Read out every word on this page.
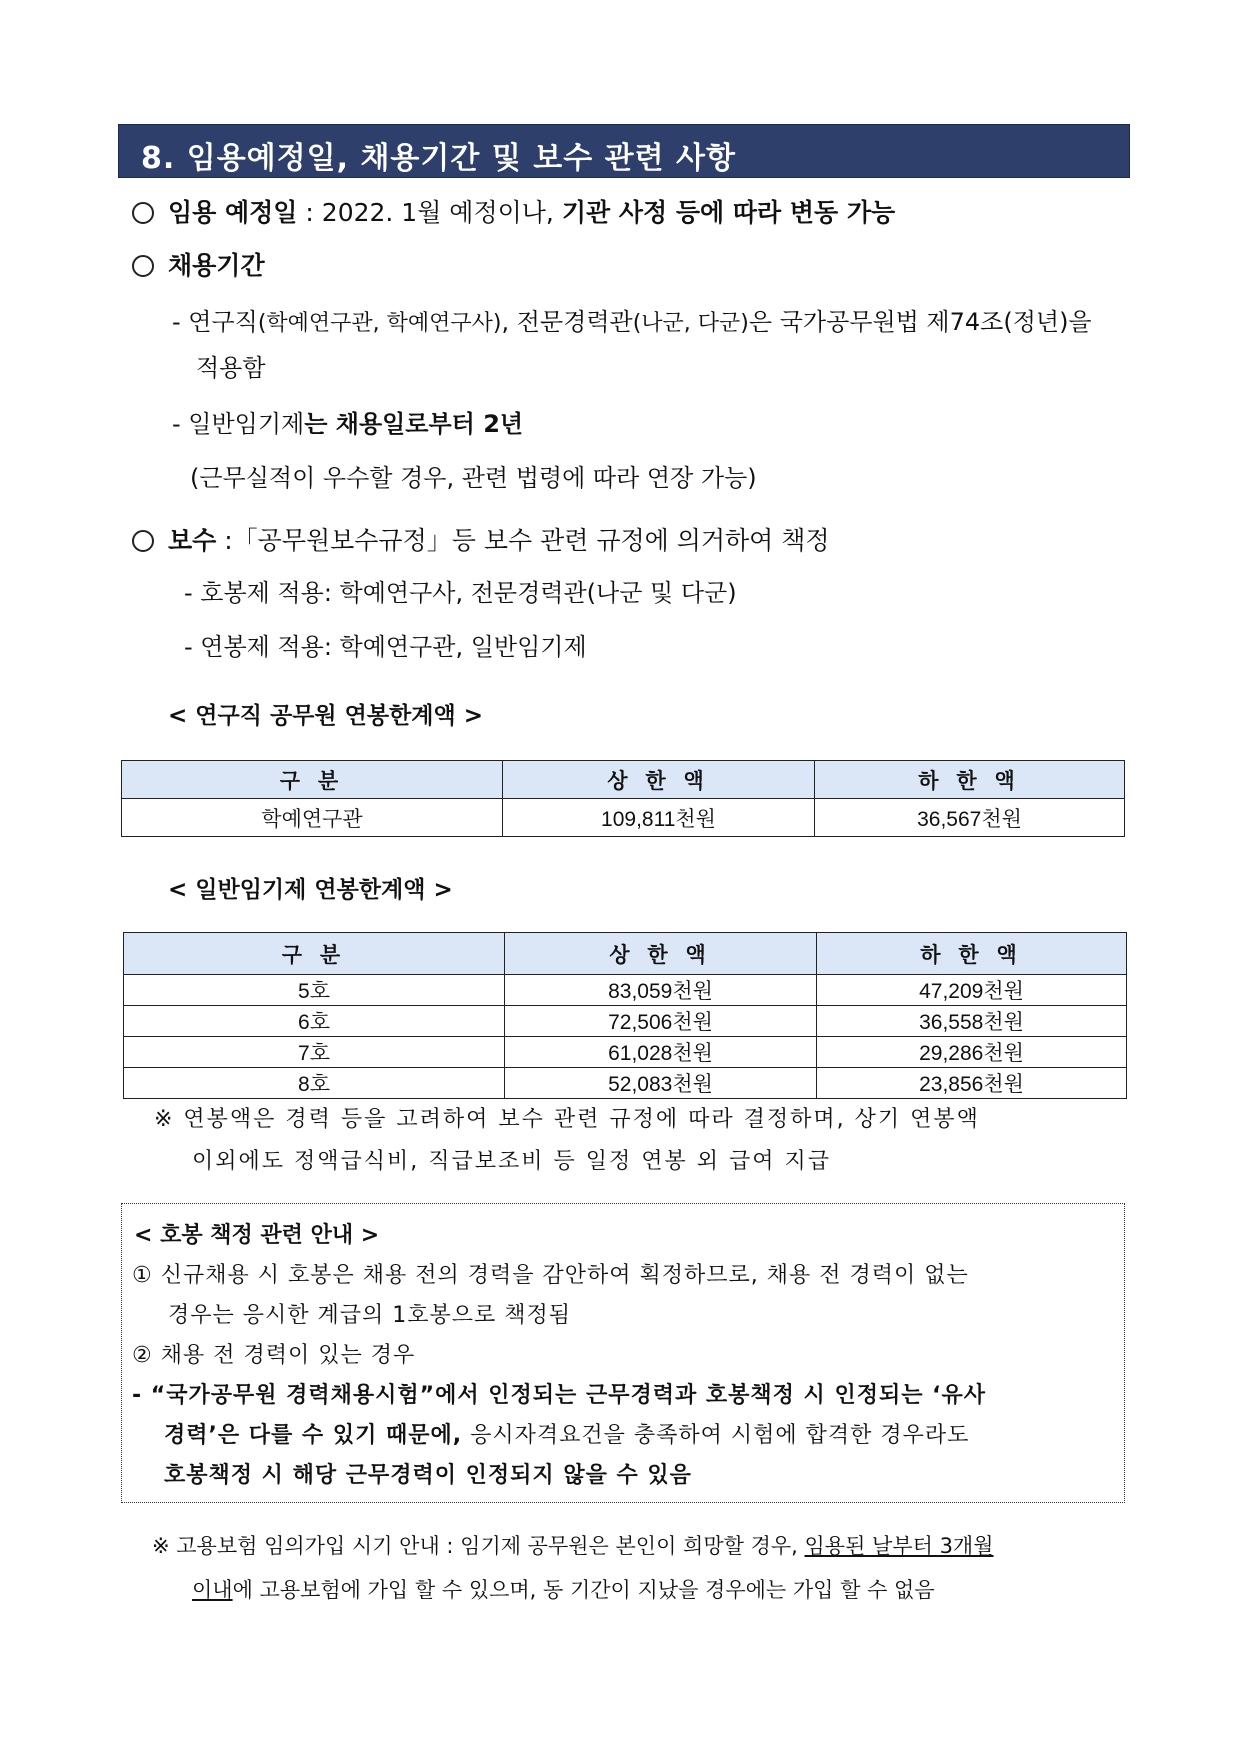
8. 임용예정일, 채용기간 및 보수 관련 사항
임용 예정일 : 2022. 1월 예정이나, 기관 사정 등에 따라 변동 가능
채용기간
- 연구직(학예연구관, 학예연구사), 전문경력관(나군, 다군)은 국가공무원법 제74조(정년)을
적용함
- 일반임기제는 채용일로부터 2년
(근무실적이 우수할 경우, 관련 법령에 따라 연장 가능)
보수 :「공무원보수규정」등 보수 관련 규정에 의거하여 책정
- 호봉제 적용: 학예연구사, 전문경력관(나군 및 다군)
- 연봉제 적용: 학예연구관, 일반임기제
< 연구직 공무원 연봉한계액 >
구 분	상 한 액	하 한 액
학예연구관	109,811천원	36,567천원
< 일반임기제 연봉한계액 >
구 분	상 한 액	하 한 액
5호	83,059천원	47,209천원
6호	72,506천원	36,558천원
7호	61,028천원	29,286천원
8호	52,083천원	23,856천원
※ 연봉액은 경력 등을 고려하여 보수 관련 규정에 따라 결정하며, 상기 연봉액
이외에도 정액급식비, 직급보조비 등 일정 연봉 외 급여 지급
< 호봉 책정 관련 안내 >
① 신규채용 시 호봉은 채용 전의 경력을 감안하여 획정하므로, 채용 전 경력이 없는
경우는 응시한 계급의 1호봉으로 책정됨
② 채용 전 경력이 있는 경우
- “국가공무원 경력채용시험”에서 인정되는 근무경력과 호봉책정 시 인정되는 ‘유사
경력’은 다를 수 있기 때문에, 응시자격요건을 충족하여 시험에 합격한 경우라도
호봉책정 시 해당 근무경력이 인정되지 않을 수 있음
※ 고용보험 임의가입 시기 안내 : 임기제 공무원은 본인이 희망할 경우, 임용된 날부터 3개월
이내에 고용보험에 가입 할 수 있으며, 동 기간이 지났을 경우에는 가입 할 수 없음
